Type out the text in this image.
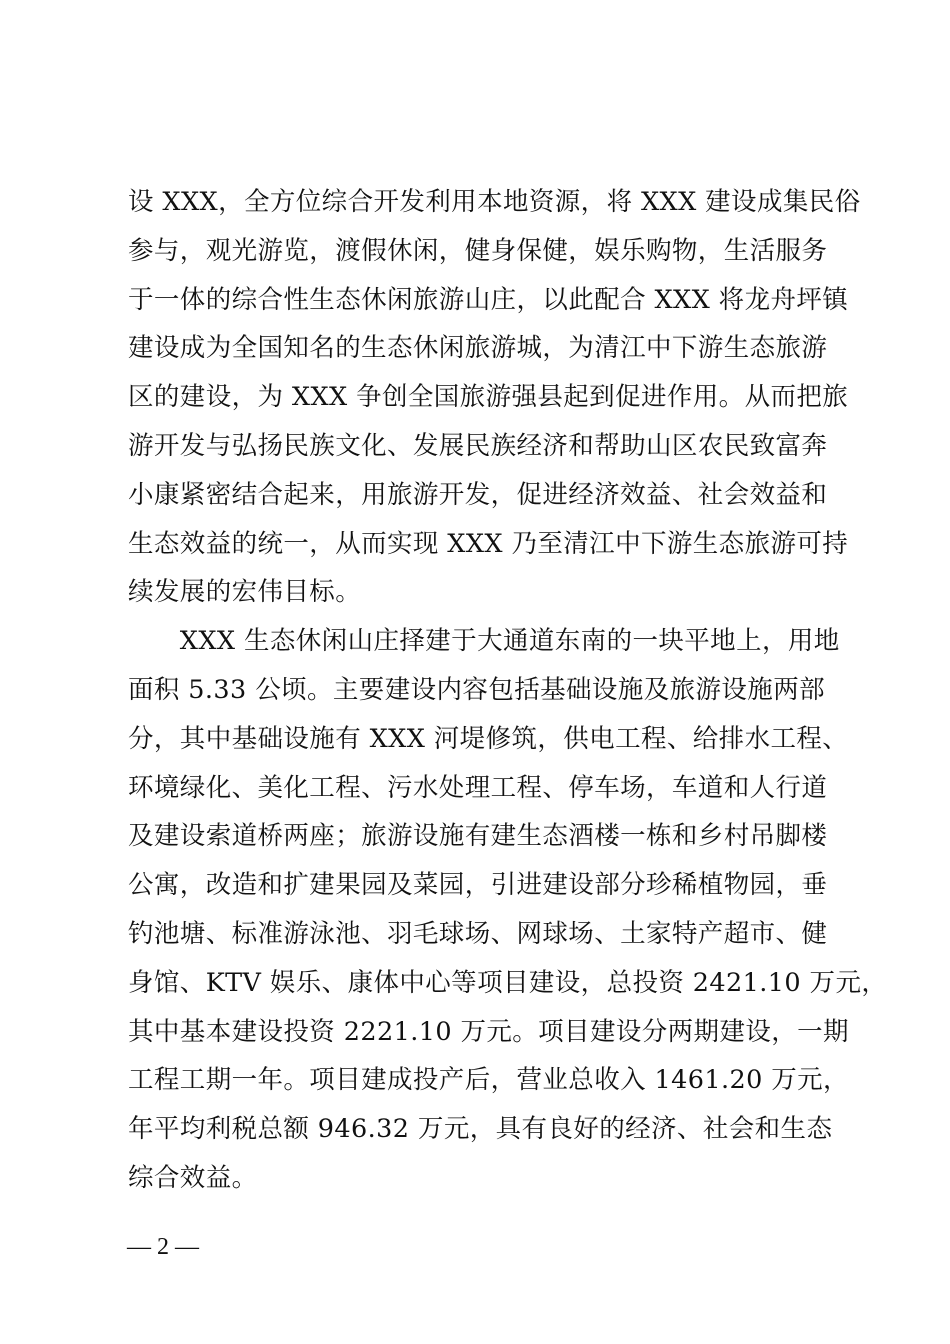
设 XXX，全方位综合开发利用本地资源，将 XXX 建设成集民俗
参与，观光游览，渡假休闲，健身保健，娱乐购物，生活服务
于一体的综合性生态休闲旅游山庄，以此配合 XXX 将龙舟坪镇
建设成为全国知名的生态休闲旅游城，为清江中下游生态旅游
区的建设，为 XXX 争创全国旅游强县起到促进作用。从而把旅
游开发与弘扬民族文化、发展民族经济和帮助山区农民致富奔
小康紧密结合起来，用旅游开发，促进经济效益、社会效益和
生态效益的统一，从而实现 XXX 乃至清江中下游生态旅游可持
续发展的宏伟目标。
　　XXX 生态休闲山庄择建于大通道东南的一块平地上，用地
面积 5.33 公顷。主要建设内容包括基础设施及旅游设施两部
分，其中基础设施有 XXX 河堤修筑，供电工程、给排水工程、
环境绿化、美化工程、污水处理工程、停车场，车道和人行道
及建设索道桥两座；旅游设施有建生态酒楼一栋和乡村吊脚楼
公寓，改造和扩建果园及菜园，引进建设部分珍稀植物园，垂
钓池塘、标准游泳池、羽毛球场、网球场、土家特产超市、健
身馆、KTV 娱乐、康体中心等项目建设，总投资 2421.10 万元，
其中基本建设投资 2221.10 万元。项目建设分两期建设，一期
工程工期一年。项目建成投产后，营业总收入 1461.20 万元，
年平均利税总额 946.32 万元，具有良好的经济、社会和生态
综合效益。
— 2 —
